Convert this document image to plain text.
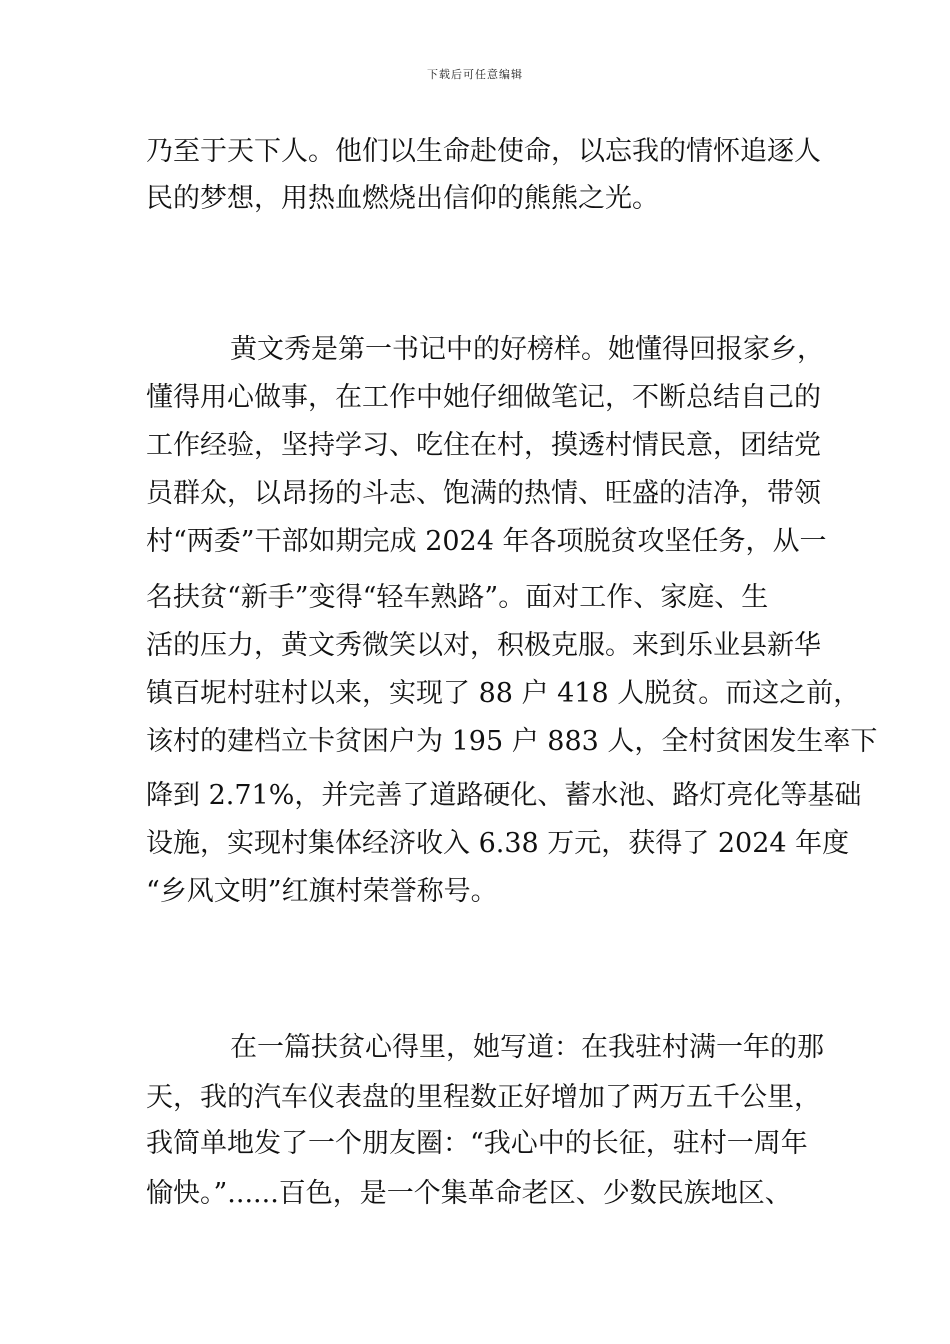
下载后可任意编辑
乃至于天下人。他们以生命赴使命，以忘我的情怀追逐人
民的梦想，用热血燃烧出信仰的熊熊之光。
黄文秀是第一书记中的好榜样。她懂得回报家乡，
懂得用心做事，在工作中她仔细做笔记，不断总结自己的
工作经验，坚持学习、吃住在村，摸透村情民意，团结党
员群众，以昂扬的斗志、饱满的热情、旺盛的洁净，带领
村“两委”干部如期完成 2024 年各项脱贫攻坚任务，从一
名扶贫“新手”变得“轻车熟路”。面对工作、家庭、生
活的压力，黄文秀微笑以对，积极克服。来到乐业县新华
镇百坭村驻村以来，实现了 88 户 418 人脱贫。而这之前，
该村的建档立卡贫困户为 195 户 883 人，全村贫困发生率下
降到 2.71%，并完善了道路硬化、蓄水池、路灯亮化等基础
设施，实现村集体经济收入 6.38 万元，获得了 2024 年度
“乡风文明”红旗村荣誉称号。
在一篇扶贫心得里，她写道：在我驻村满一年的那
天，我的汽车仪表盘的里程数正好增加了两万五千公里，
我简单地发了一个朋友圈：“我心中的长征，驻村一周年
愉快。”......百色，是一个集革命老区、少数民族地区、
